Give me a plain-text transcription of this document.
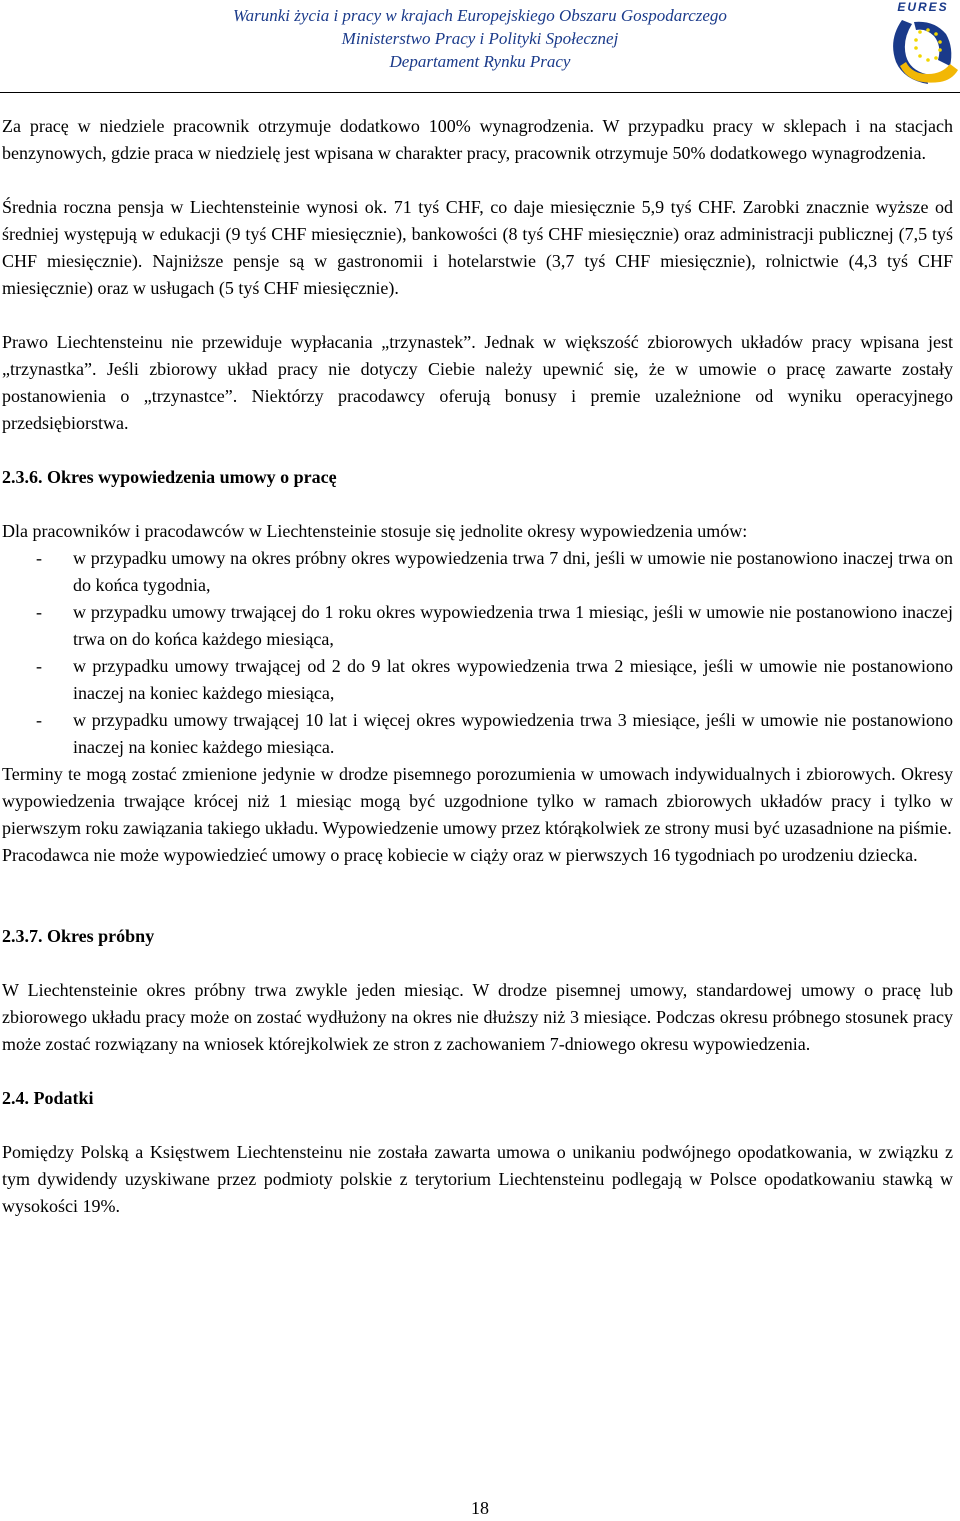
Warunki życia i pracy w krajach Europejskiego Obszaru Gospodarczego
Ministerstwo Pracy i Polityki Społecznej
Departament Rynku Pracy
EURES

Za pracę w niedziele pracownik otrzymuje dodatkowo 100% wynagrodzenia. W przypadku pracy w sklepach i na stacjach benzynowych, gdzie praca w niedzielę jest wpisana w charakter pracy, pracownik otrzymuje 50% dodatkowego wynagrodzenia.

Średnia roczna pensja w Liechtensteinie wynosi ok. 71 tyś CHF, co daje miesięcznie 5,9 tyś CHF. Zarobki znacznie wyższe od średniej występują w edukacji (9 tyś CHF miesięcznie), bankowości (8 tyś CHF miesięcznie) oraz administracji publicznej (7,5 tyś CHF miesięcznie). Najniższe pensje są w gastronomii i hotelarstwie (3,7 tyś CHF miesięcznie), rolnictwie (4,3 tyś CHF miesięcznie) oraz w usługach (5 tyś CHF miesięcznie).

Prawo Liechtensteinu nie przewiduje wypłacania „trzynastek”. Jednak w większość zbiorowych układów pracy wpisana jest „trzynastka”. Jeśli zbiorowy układ pracy nie dotyczy Ciebie należy upewnić się, że w umowie o pracę zawarte zostały postanowienia o „trzynastce”. Niektórzy pracodawcy oferują bonusy i premie uzależnione od wyniku operacyjnego przedsiębiorstwa.

2.3.6. Okres wypowiedzenia umowy o pracę

Dla pracowników i pracodawców w Liechtensteinie stosuje się jednolite okresy wypowiedzenia umów:

- w przypadku umowy na okres próbny okres wypowiedzenia trwa 7 dni, jeśli w umowie nie postanowiono inaczej trwa on do końca tygodnia,
- w przypadku umowy trwającej do 1 roku okres wypowiedzenia trwa 1 miesiąc, jeśli w umowie nie postanowiono inaczej trwa on do końca każdego miesiąca,
- w przypadku umowy trwającej od 2 do 9 lat okres wypowiedzenia trwa 2 miesiące, jeśli w umowie nie postanowiono inaczej na koniec każdego miesiąca,
- w przypadku umowy trwającej 10 lat i więcej okres wypowiedzenia trwa 3 miesiące, jeśli w umowie nie postanowiono inaczej na koniec każdego miesiąca.

Terminy te mogą zostać zmienione jedynie w drodze pisemnego porozumienia w umowach indywidualnych i zbiorowych. Okresy wypowiedzenia trwające krócej niż 1 miesiąc mogą być uzgodnione tylko w ramach zbiorowych układów pracy i tylko w pierwszym roku zawiązania takiego układu. Wypowiedzenie umowy przez którąkolwiek ze strony musi być uzasadnione na piśmie.

Pracodawca nie może wypowiedzieć umowy o pracę kobiecie w ciąży oraz w pierwszych 16 tygodniach po urodzeniu dziecka.

2.3.7. Okres próbny

W Liechtensteinie okres próbny trwa zwykle jeden miesiąc. W drodze pisemnej umowy, standardowej umowy o pracę lub zbiorowego układu pracy może on zostać wydłużony na okres nie dłuższy niż 3 miesiące. Podczas okresu próbnego stosunek pracy może zostać rozwiązany na wniosek którejkolwiek ze stron z zachowaniem 7-dniowego okresu wypowiedzenia.

2.4. Podatki

Pomiędzy Polską a Księstwem Liechtensteinu nie została zawarta umowa o unikaniu podwójnego opodatkowania, w związku z tym dywidendy uzyskiwane przez podmioty polskie z terytorium Liechtensteinu podlegają w Polsce opodatkowaniu stawką w wysokości 19%.

18
